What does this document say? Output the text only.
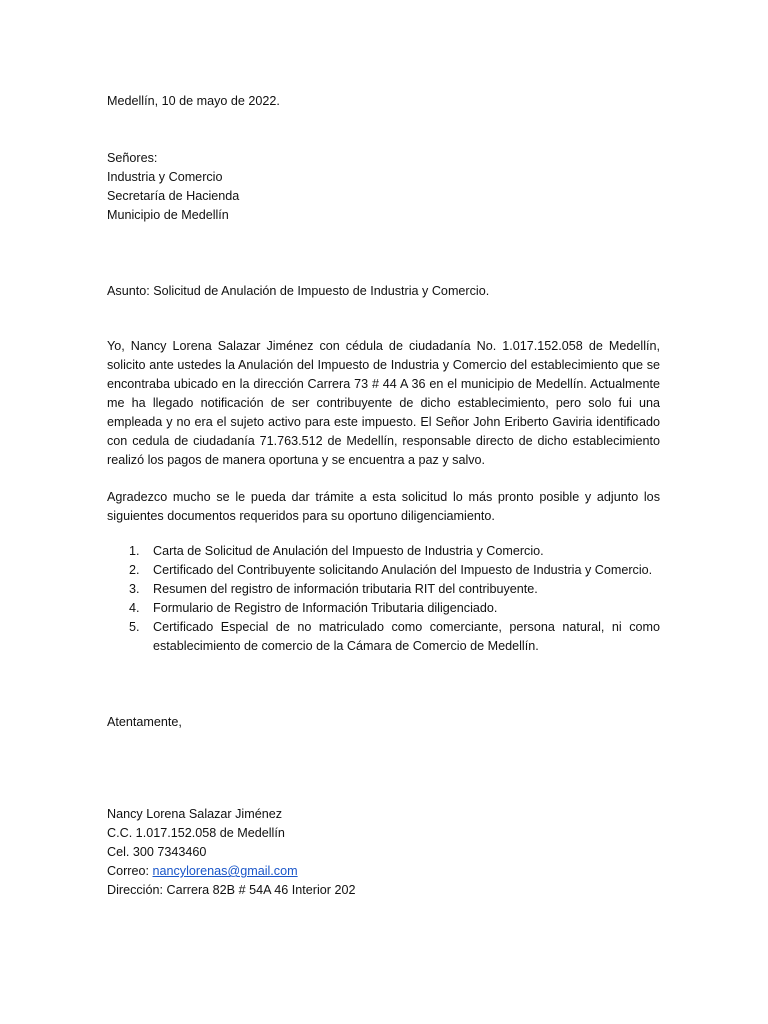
Medellín, 10 de mayo de 2022.

Señores:
Industria y Comercio
Secretaría de Hacienda
Municipio de Medellín

Asunto: Solicitud de Anulación de Impuesto de Industria y Comercio.

Yo, Nancy Lorena Salazar Jiménez con cédula de ciudadanía No. 1.017.152.058 de Medellín, solicito ante ustedes la Anulación del Impuesto de Industria y Comercio del establecimiento que se encontraba ubicado en la dirección Carrera 73 # 44 A 36 en el municipio de Medellín. Actualmente me ha llegado notificación de ser contribuyente de dicho establecimiento, pero solo fui una empleada y no era el sujeto activo para este impuesto. El Señor John Eriberto Gaviria identificado con cedula de ciudadanía 71.763.512 de Medellín, responsable directo de dicho establecimiento realizó los pagos de manera oportuna y se encuentra a paz y salvo.

Agradezco mucho se le pueda dar trámite a esta solicitud lo más pronto posible y adjunto los siguientes documentos requeridos para su oportuno diligenciamiento.

1. Carta de Solicitud de Anulación del Impuesto de Industria y Comercio.
2. Certificado del Contribuyente solicitando Anulación del Impuesto de Industria y Comercio.
3. Resumen del registro de información tributaria RIT del contribuyente.
4. Formulario de Registro de Información Tributaria diligenciado.
5. Certificado Especial de no matriculado como comerciante, persona natural, ni como establecimiento de comercio de la Cámara de Comercio de Medellín.

Atentamente,

Nancy Lorena Salazar Jiménez
C.C. 1.017.152.058 de Medellín
Cel. 300 7343460
Correo: nancylorenas@gmail.com
Dirección: Carrera 82B # 54A 46 Interior 202
